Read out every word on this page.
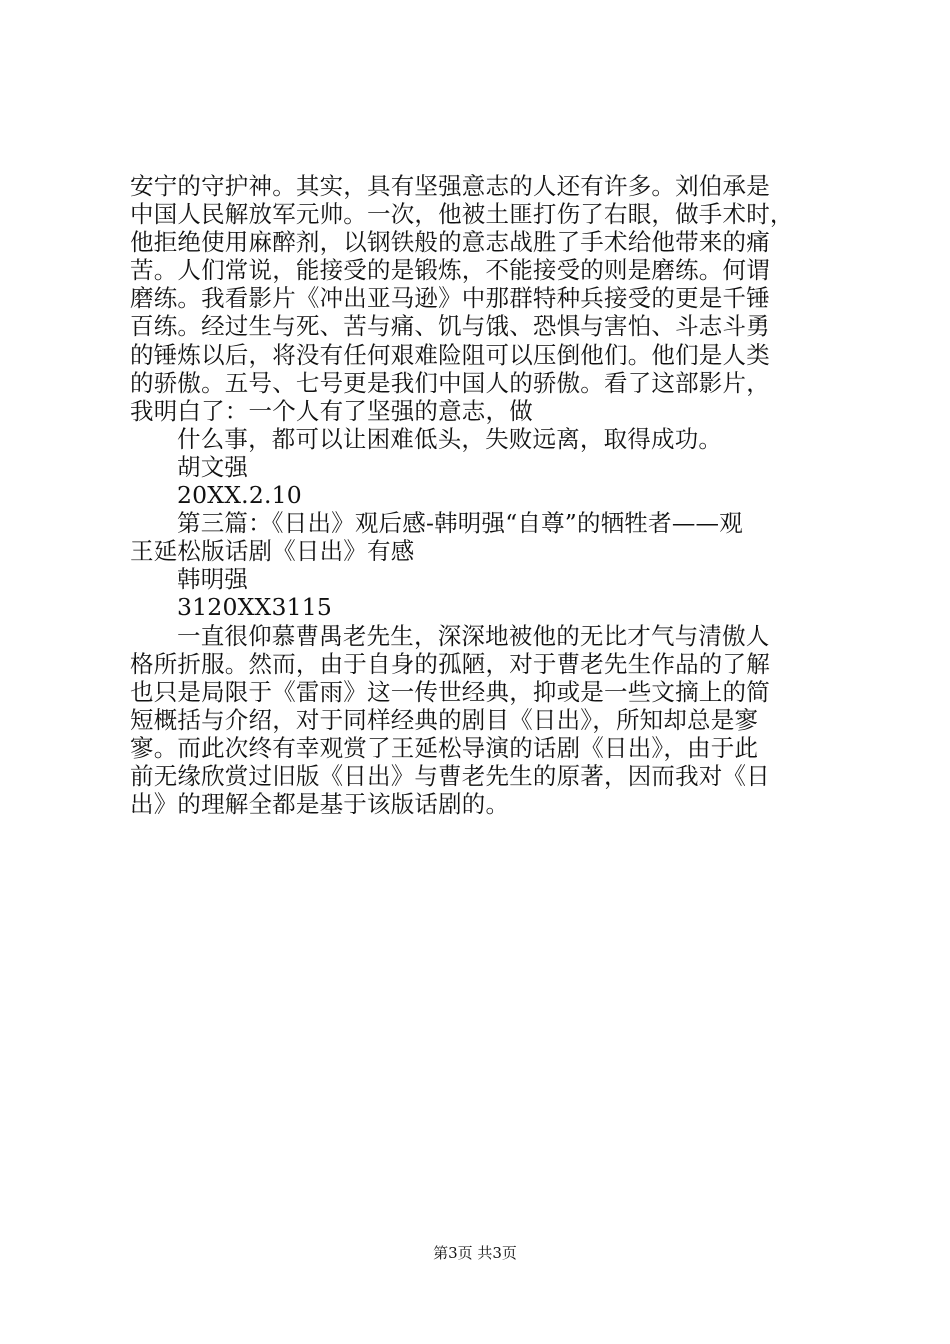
安宁的守护神。其实，具有坚强意志的人还有许多。刘伯承是
中国人民解放军元帅。一次，他被土匪打伤了右眼，做手术时，
他拒绝使用麻醉剂，以钢铁般的意志战胜了手术给他带来的痛
苦。人们常说，能接受的是锻炼，不能接受的则是磨练。何谓
磨练。我看影片《冲出亚马逊》中那群特种兵接受的更是千锤
百练。经过生与死、苦与痛、饥与饿、恐惧与害怕、斗志斗勇
的锤炼以后，将没有任何艰难险阻可以压倒他们。他们是人类
的骄傲。五号、七号更是我们中国人的骄傲。看了这部影片，
我明白了：一个人有了坚强的意志，做
什么事，都可以让困难低头，失败远离，取得成功。
胡文强
20XX.2.10
第三篇：《日出》观后感-韩明强“自尊”的牺牲者——观
王延松版话剧《日出》有感
韩明强
3120XX3115
一直很仰慕曹禺老先生，深深地被他的无比才气与清傲人
格所折服。然而，由于自身的孤陋，对于曹老先生作品的了解
也只是局限于《雷雨》这一传世经典，抑或是一些文摘上的简
短概括与介绍，对于同样经典的剧目《日出》，所知却总是寥
寥。而此次终有幸观赏了王延松导演的话剧《日出》，由于此
前无缘欣赏过旧版《日出》与曹老先生的原著，因而我对《日
出》的理解全都是基于该版话剧的。
第3页 共3页
